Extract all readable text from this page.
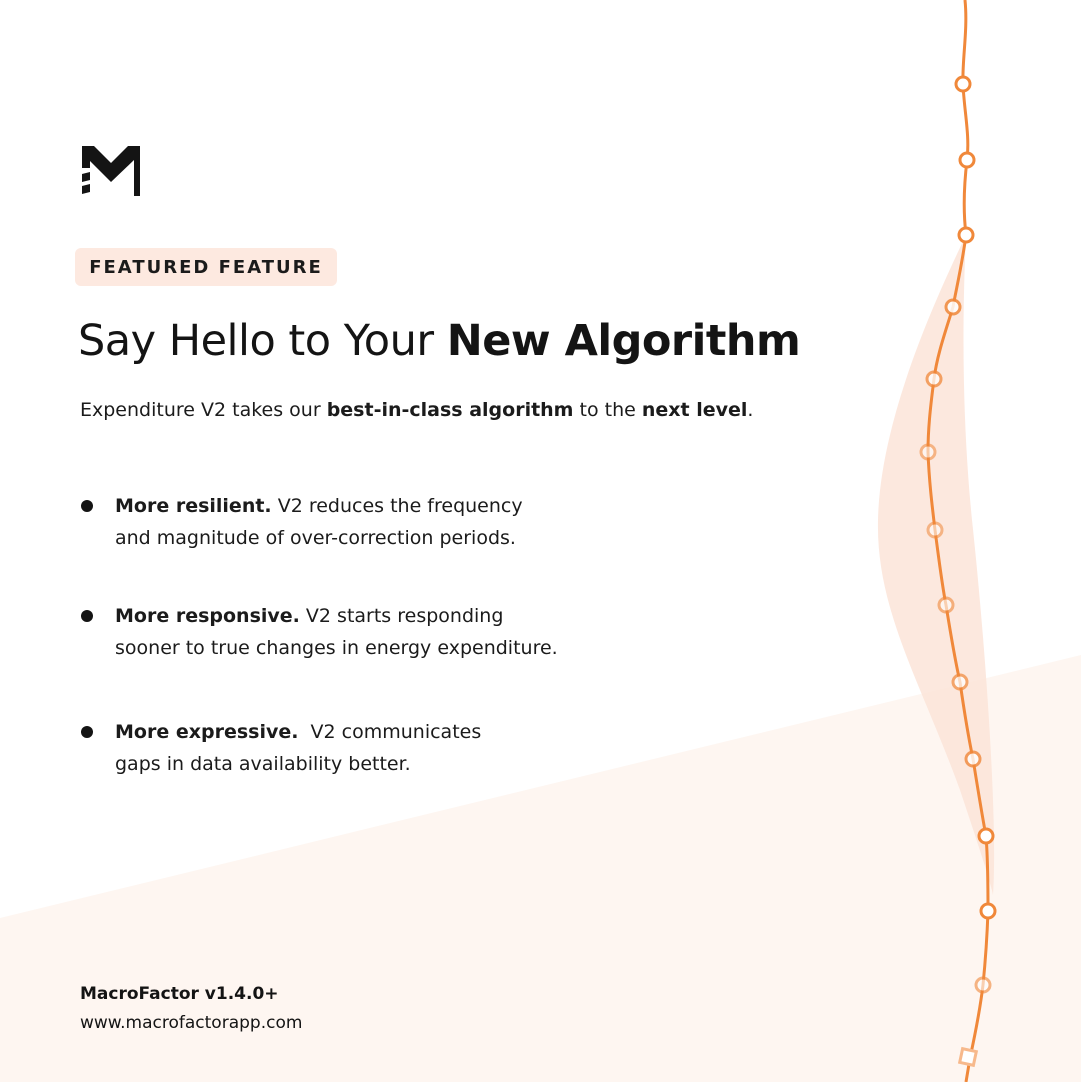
FEATURED FEATURE
Say Hello to Your New Algorithm

Expenditure V2 takes our best-in-class algorithm to the next level.

More resilient. V2 reduces the frequency
and magnitude of over-correction periods.
More responsive. V2 starts responding
sooner to true changes in energy expenditure.
More expressive.  V2 communicates
gaps in data availability better.
MacroFactor v1.4.0+
www.macrofactorapp.com
